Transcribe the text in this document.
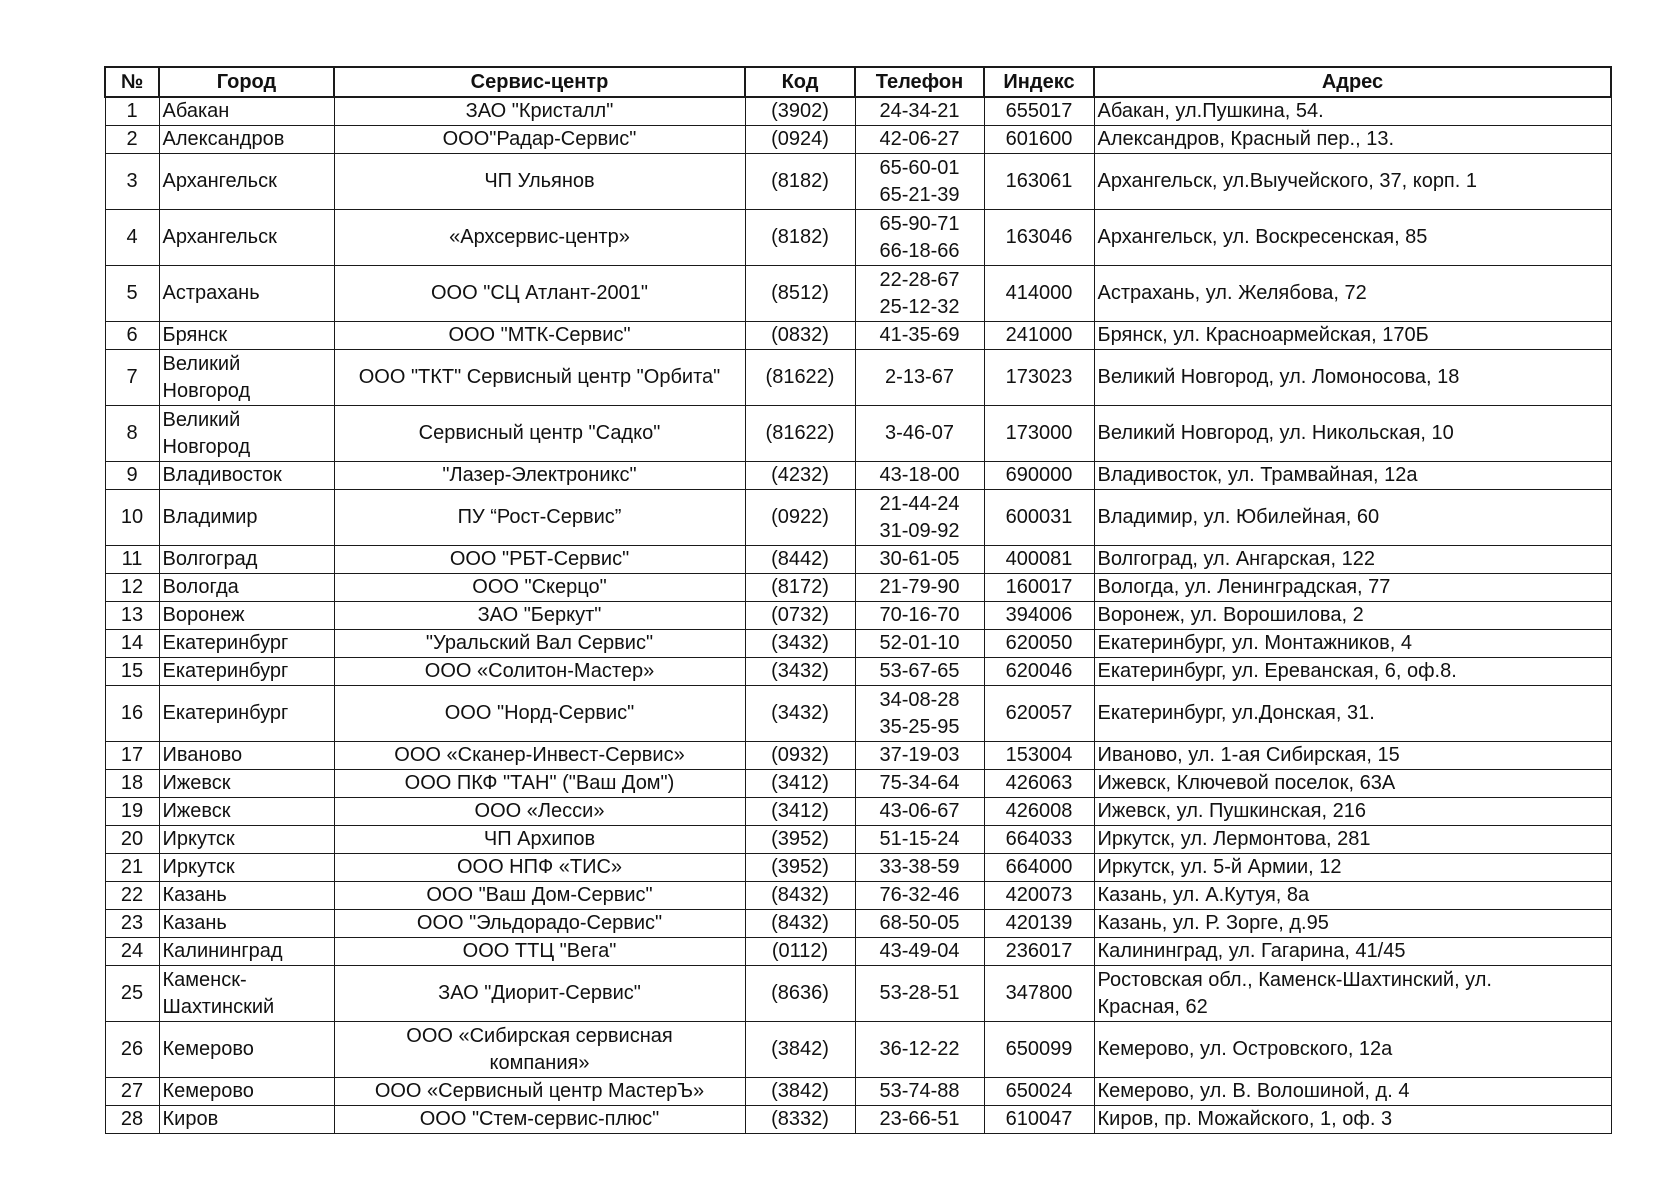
№	Город	Сервис-центр	Код	Телефон	Индекс	Адрес
1	Абакан	ЗАО "Кристалл"	(3902)	24-34-21	655017	Абакан, ул.Пушкина, 54.

2	Александров	ООО"Радар-Сервис"	(0924)	42-06-27	601600	Александров, Красный пер., 13.

3	Архангельск	ЧП Ульянов	(8182)	65-60-01
65-21-39	163061	Архангельск, ул.Выучейского, 37, корп. 1

4	Архангельск	«Архсервис-центр»	(8182)	65-90-71
66-18-66	163046	Архангельск, ул. Воскресенская, 85

5	Астрахань	ООО "СЦ Атлант-2001"	(8512)	22-28-67
25-12-32	414000	Астрахань, ул. Желябова, 72

6	Брянск	ООО "МТК-Сервис"	(0832)	41-35-69	241000	Брянск, ул. Красноармейская, 170Б

7	Великий
Новгород	ООО "ТКТ" Сервисный центр "Орбита"	(81622)	2-13-67	173023	Великий Новгород, ул. Ломоносова, 18

8	Великий
Новгород	Сервисный центр "Садко"	(81622)	3-46-07	173000	Великий Новгород, ул. Никольская, 10

9	Владивосток	"Лазер-Электроникс"	(4232)	43-18-00	690000	Владивосток, ул. Трамвайная, 12а

10	Владимир	ПУ “Рост-Сервис”	(0922)	21-44-24
31-09-92	600031	Владимир, ул. Юбилейная, 60

11	Волгоград	ООО "РБТ-Сервис"	(8442)	30-61-05	400081	Волгоград, ул. Ангарская, 122

12	Вологда	ООО "Скерцо"	(8172)	21-79-90	160017	Вологда, ул. Ленинградская, 77

13	Воронеж	ЗАО "Беркут"	(0732)	70-16-70	394006	Воронеж, ул. Ворошилова, 2

14	Екатеринбург	"Уральский Вал Сервис"	(3432)	52-01-10	620050	Екатеринбург, ул. Монтажников, 4

15	Екатеринбург	ООО «Солитон-Мастер»	(3432)	53-67-65	620046	Екатеринбург, ул. Ереванская, 6, оф.8.

16	Екатеринбург	ООО "Норд-Сервис"	(3432)	34-08-28
35-25-95	620057	Екатеринбург, ул.Донская, 31.

17	Иваново	ООО «Сканер-Инвест-Сервис»	(0932)	37-19-03	153004	Иваново, ул. 1-ая Сибирская, 15

18	Ижевск	ООО ПКФ "ТАН" ("Ваш Дом")	(3412)	75-34-64	426063	Ижевск, Ключевой поселок, 63А

19	Ижевск	ООО «Лесси»	(3412)	43-06-67	426008	Ижевск, ул. Пушкинская, 216

20	Иркутск	ЧП Архипов	(3952)	51-15-24	664033	Иркутск, ул. Лермонтова, 281

21	Иркутск	ООО НПФ «ТИС»	(3952)	33-38-59	664000	Иркутск, ул. 5-й Армии, 12

22	Казань	ООО "Ваш Дом-Сервис"	(8432)	76-32-46	420073	Казань, ул. А.Кутуя, 8а

23	Казань	ООО "Эльдорадо-Сервис"	(8432)	68-50-05	420139	Казань, ул. Р. Зорге, д.95

24	Калининград	ООО ТТЦ "Вега"	(0112)	43-49-04	236017	Калининград, ул. Гагарина, 41/45

25	Каменск-
Шахтинский	ЗАО "Диорит-Сервис"	(8636)	53-28-51	347800	Ростовская обл., Каменск-Шахтинский, ул.
Красная, 62

26	Кемерово	ООО «Сибирская сервисная
компания»	(3842)	36-12-22	650099	Кемерово, ул. Островского, 12а

27	Кемерово	ООО «Сервисный центр МастерЪ»	(3842)	53-74-88	650024	Кемерово, ул. В. Волошиной, д. 4

28	Киров	ООО "Стем-сервис-плюс"	(8332)	23-66-51	610047	Киров, пр. Можайского, 1, оф. 3
